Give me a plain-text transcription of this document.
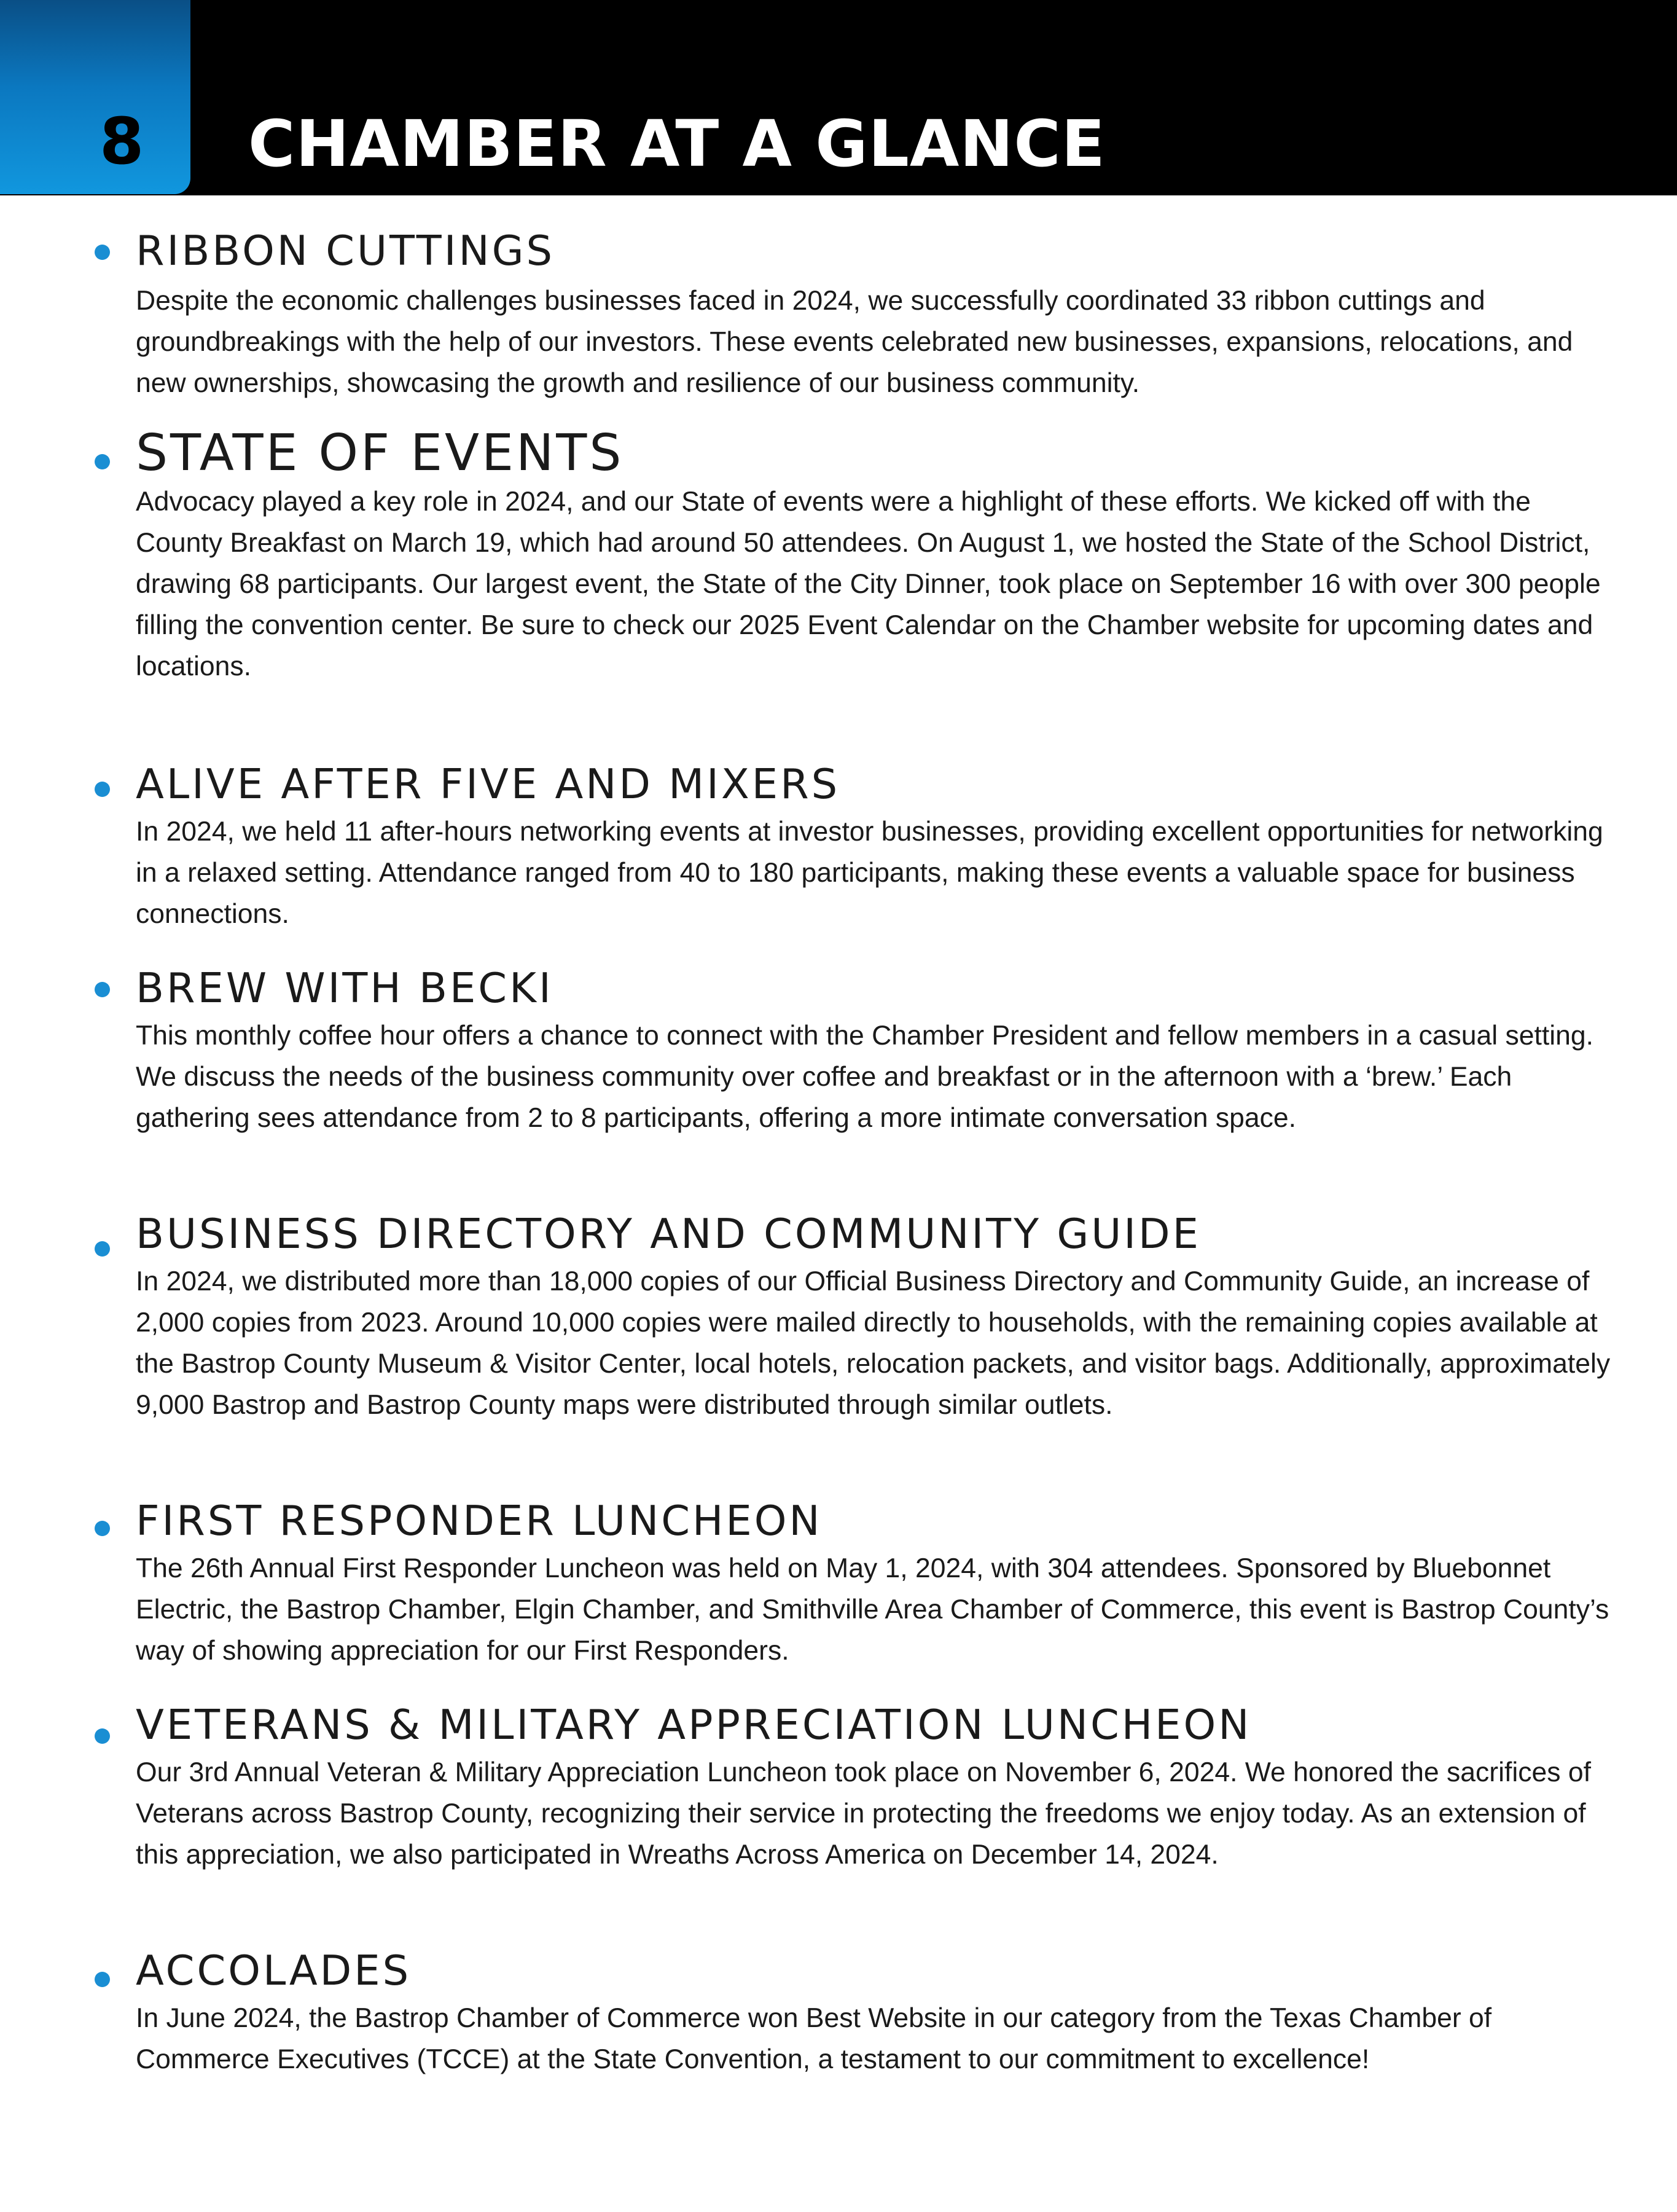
8 CHAMBER AT A GLANCE
RIBBON CUTTINGS

Despite the economic challenges businesses faced in 2024, we successfully coordinated 33 ribbon cuttings and groundbreakings with the help of our investors. These events celebrated new businesses, expansions, relocations, and new ownerships, showcasing the growth and resilience of our business community.

STATE OF EVENTS

Advocacy played a key role in 2024, and our State of events were a highlight of these efforts. We kicked off with the County Breakfast on March 19, which had around 50 attendees. On August 1, we hosted the State of the School District, drawing 68 participants. Our largest event, the State of the City Dinner, took place on September 16 with over 300 people filling the convention center. Be sure to check our 2025 Event Calendar on the Chamber website for upcoming dates and locations.

ALIVE AFTER FIVE AND MIXERS

In 2024, we held 11 after-hours networking events at investor businesses, providing excellent opportunities for networking in a relaxed setting. Attendance ranged from 40 to 180 participants, making these events a valuable space for business connections.

BREW WITH BECKI

This monthly coffee hour offers a chance to connect with the Chamber President and fellow members in a casual setting. We discuss the needs of the business community over coffee and breakfast or in the afternoon with a ‘brew.’ Each gathering sees attendance from 2 to 8 participants, offering a more intimate conversation space.

BUSINESS DIRECTORY AND COMMUNITY GUIDE

In 2024, we distributed more than 18,000 copies of our Official Business Directory and Community Guide, an increase of 2,000 copies from 2023. Around 10,000 copies were mailed directly to households, with the remaining copies available at the Bastrop County Museum & Visitor Center, local hotels, relocation packets, and visitor bags. Additionally, approximately 9,000 Bastrop and Bastrop County maps were distributed through similar outlets.

FIRST RESPONDER LUNCHEON

The 26th Annual First Responder Luncheon was held on May 1, 2024, with 304 attendees. Sponsored by Bluebonnet Electric, the Bastrop Chamber, Elgin Chamber, and Smithville Area Chamber of Commerce, this event is Bastrop County’s way of showing appreciation for our First Responders.

VETERANS & MILITARY APPRECIATION LUNCHEON

Our 3rd Annual Veteran & Military Appreciation Luncheon took place on November 6, 2024. We honored the sacrifices of Veterans across Bastrop County, recognizing their service in protecting the freedoms we enjoy today. As an extension of this appreciation, we also participated in Wreaths Across America on December 14, 2024.

ACCOLADES

In June 2024, the Bastrop Chamber of Commerce won Best Website in our category from the Texas Chamber of Commerce Executives (TCCE) at the State Convention, a testament to our commitment to excellence!
